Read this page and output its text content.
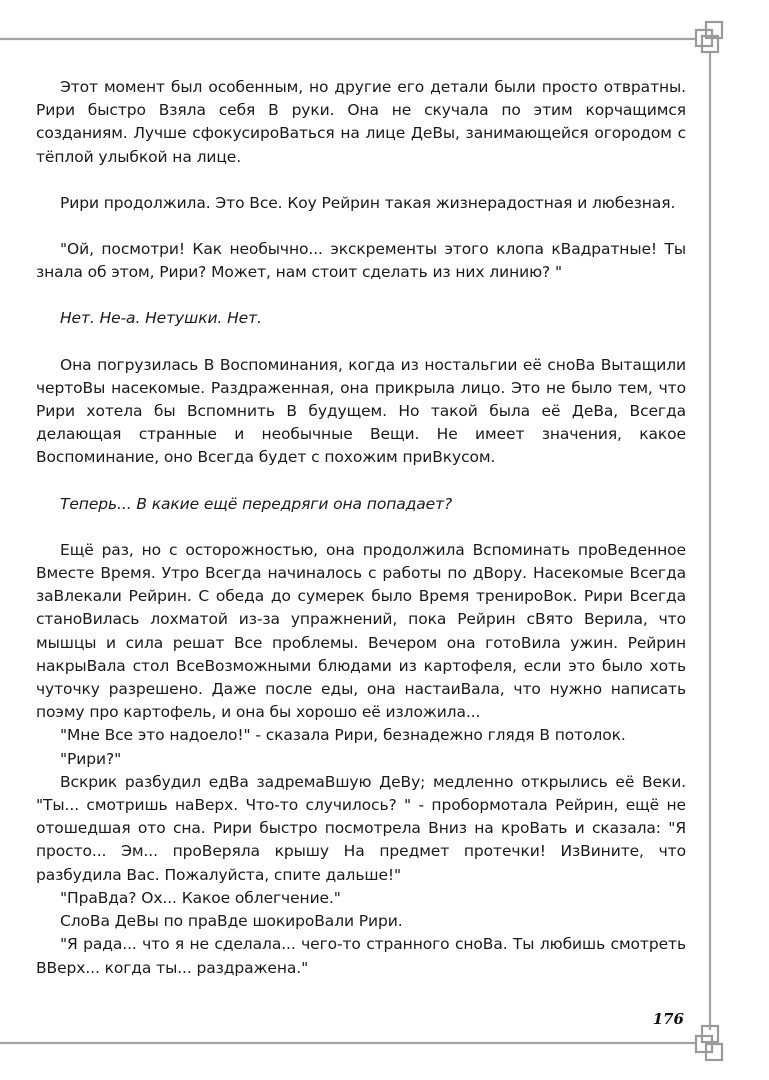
Этот момент был особенным, но другие его детали были просто отвратны. Рири быстро Взяла себя В руки. Она не скучала по этим корчащимся созданиям. Лучше сфокусироВаться на лице ДеВы, занимающейся огородом с тёплой улыбкой на лице.

Рири продолжила. Это Все. Коу Рейрин такая жизнерадостная и любезная.

"Ой, посмотри! Как необычно... экскременты этого клопа кВадратные! Ты знала об этом, Рири? Может, нам стоит сделать из них линию? "

Нет. Не-а. Нетушки. Нет.

Она погрузилась В Воспоминания, когда из ностальгии её сноВа Вытащили чертоВы насекомые. Раздраженная, она прикрыла лицо. Это не было тем, что Рири хотела бы Вспомнить В будущем. Но такой была её ДеВа, Всегда делающая странные и необычные Вещи. Не имеет значения, какое Воспоминание, оно Всегда будет с похожим приВкусом.

Теперь... В какие ещё передряги она попадает?

Ещё раз, но с осторожностью, она продолжила Вспоминать проВеденное Вместе Время. Утро Всегда начиналось с работы по дВору. Насекомые Всегда заВлекали Рейрин. С обеда до сумерек было Время тренироВок. Рири Всегда станоВилась лохматой из-за упражнений, пока Рейрин сВято Верила, что мышцы и сила решат Все проблемы. Вечером она готоВила ужин. Рейрин накрыВала стол ВсеВозможными блюдами из картофеля, если это было хоть чуточку разрешено. Даже после еды, она настаиВала, что нужно написать поэму про картофель, и она бы хорошо её изложила...

"Мне Все это надоело!" - сказала Рири, безнадежно глядя В потолок.

"Рири?"

Вскрик разбудил едВа задремаВшую ДеВу; медленно открылись её Веки. "Ты... смотришь наВерх. Что-то случилось? " - пробормотала Рейрин, ещё не отошедшая ото сна. Рири быстро посмотрела Вниз на кроВать и сказала: "Я просто... Эм... проВеряла крышу На предмет протечки! ИзВините, что разбудила Вас. Пожалуйста, спите дальше!"

"ПраВда? Ох... Какое облегчение."

СлоВа ДеВы по праВде шокироВали Рири.

"Я рада... что я не сделала... чего-то странного сноВа. Ты любишь смотреть ВВерх... когда ты... раздражена."

176
